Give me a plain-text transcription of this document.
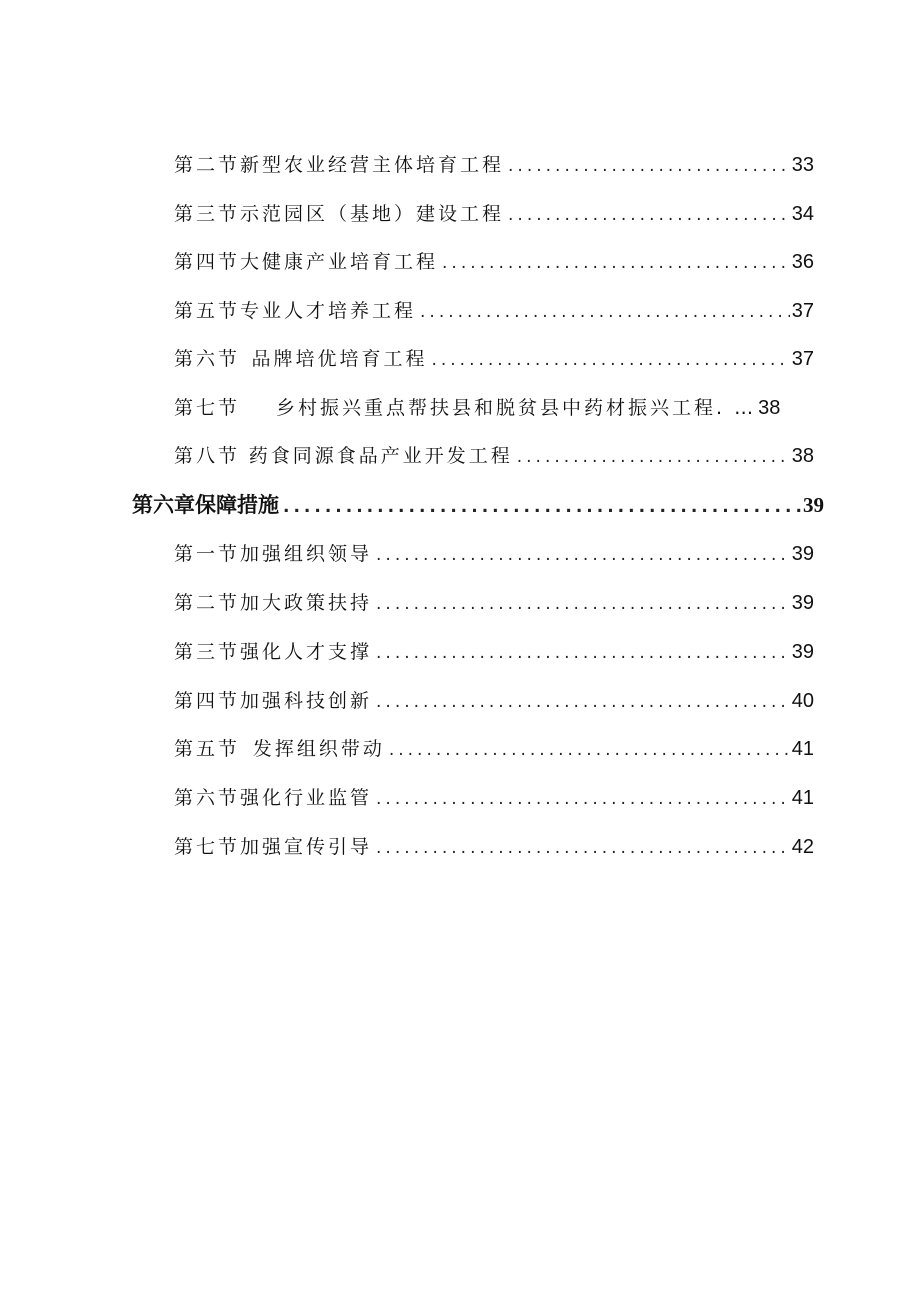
第二节 新型农业经营主体培育工程 .....	33
第三节 示范园区（基地）建设工程 .....	34
第四节 大健康产业培育工程 .....	36
第五节 专业人才培养工程 .....	37
第六节 品牌培优培育工程 .....	37
第七节 乡村振兴重点帮扶县和脱贫县中药材振兴工程. … 38
第八节 药食同源食品产业开发工程 .....	38
第六章保障措施 .....	39
第一节 加强组织领导 .....	39
第二节 加大政策扶持 .....	39
第三节 强化人才支撑 .....	39
第四节 加强科技创新 .....	40
第五节 发挥组织带动 .....	41
第六节 强化行业监管 .....	41
第七节 加强宣传引导 .....	42
